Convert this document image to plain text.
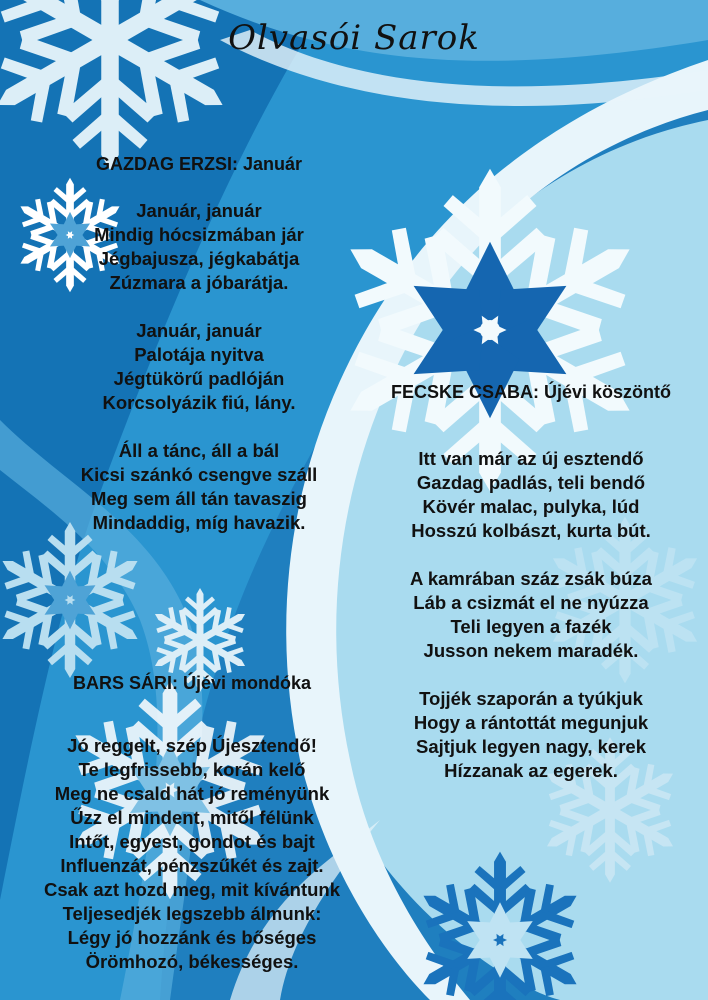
Olvasói Sarok
GAZDAG ERZSI: Január
Január, január
Mindig hócsizmában jár
Jégbajusza, jégkabátja
Zúzmara a jóbarátja.
Január, január
Palotája nyitva
Jégtükörű padlóján
Korcsolyázik fiú, lány.
Áll a tánc, áll a bál
Kicsi szánkó csengve száll
Meg sem áll tán tavaszig
Mindaddig, míg havazik.
FECSKE CSABA: Újévi köszöntő
Itt van már az új esztendő
Gazdag padlás, teli bendő
Kövér malac, pulyka, lúd
Hosszú kolbászt, kurta bút.
A kamrában száz zsák búza
Láb a csizmát el ne nyúzza
Teli legyen a fazék
Jusson nekem maradék.
Tojjék szaporán a tyúkjuk
Hogy a rántottát megunjuk
Sajtjuk legyen nagy, kerek
Hízzanak az egerek.
BARS SÁRI: Újévi mondóka
Jó reggelt, szép Újesztendő!
Te legfrissebb, korán kelő
Meg ne csald hát jó reményünk
Űzz el mindent, mitől félünk
Intőt, egyest, gondot és bajt
Influenzát, pénzszűkét és zajt.
Csak azt hozd meg, mit kívántunk
Teljesedjék legszebb álmunk:
Légy jó hozzánk és bőséges
Örömhozó, békességes.
